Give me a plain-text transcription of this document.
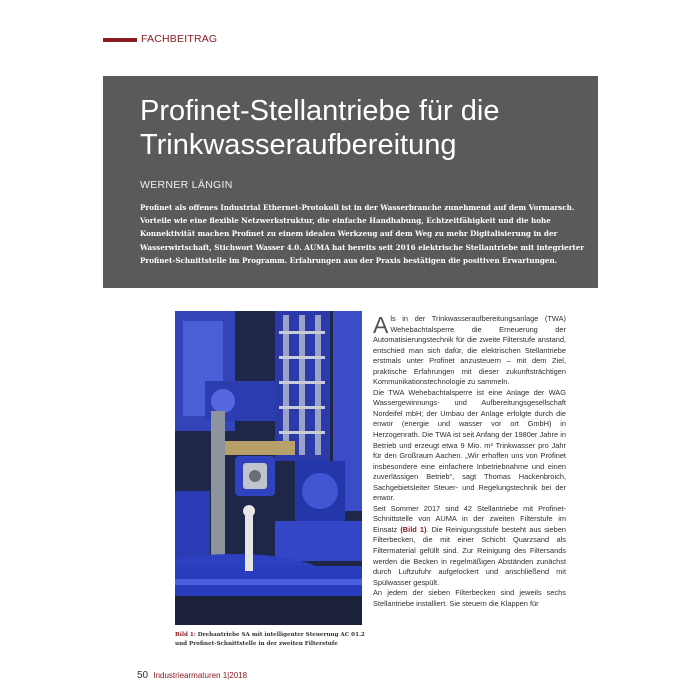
FACHBEITRAG
Profinet-Stellantriebe für die Trinkwasseraufbereitung
WERNER LÄNGIN

Profinet als offenes Industrial Ethernet-Protokoll ist in der Wasserbranche zunehmend auf dem Vormarsch. Vorteile wie eine flexible Netzwerkstruktur, die einfache Handhabung, Echtzeitfähigkeit und die hohe Konnektivität machen Profinet zu einem idealen Werkzeug auf dem Weg zu mehr Digitalisierung in der Wasserwirtschaft, Stichwort Wasser 4.0. AUMA hat bereits seit 2016 elektrische Stellantriebe mit integrierter Profinet-Schnittstelle im Programm. Erfahrungen aus der Praxis bestätigen die positiven Erwartungen.

Bild 1: Drehantriebe SA mit intelligenter Steuerung AC 01.2 und Profinet-Schnittstelle in der zweiten Filterstufe

Als in der Trinkwasseraufbereitungsanlage (TWA) Wehebachtalsperre die Erneuerung der Automatisierungstechnik für die zweite Filterstufe anstand, entschied man sich dafür, die elektrischen Stellantriebe erstmals unter Profinet anzusteuern – mit dem Ziel, praktische Erfahrungen mit dieser zukunftsträchtigen Kommunikationstechnologie zu sammeln.

Die TWA Wehebachtalsperre ist eine Anlage der WAG Wassergewinnungs- und Aufbereitungsgesellschaft Nordeifel mbH; der Umbau der Anlage erfolgte durch die enwor (energie und wasser vor ort GmbH) in Herzogenrath. Die TWA ist seit Anfang der 1980er Jahre in Betrieb und erzeugt etwa 9 Mio. m³ Trinkwasser pro Jahr für den Großraum Aachen. „Wir erhoffen uns von Profinet insbesondere eine einfachere Inbetriebnahme und einen zuverlässigen Betrieb“, sagt Thomas Hackenbroich, Sachgebietsleiter Steuer- und Regelungstechnik bei der enwor.

Seit Sommer 2017 sind 42 Stellantriebe mit Profinet-Schnittstelle von AUMA in der zweiten Filterstufe im Einsatz (Bild 1). Die Reinigungsstufe besteht aus sieben Filterbecken, die mit einer Schicht Quarzsand als Filtermaterial gefüllt sind. Zur Reinigung des Filtersands werden die Becken in regelmäßigen Abständen zunächst durch Luftzufuhr aufgelockert und anschließend mit Spülwasser gespült.

An jedem der sieben Filterbecken sind jeweils sechs Stellantriebe installiert. Sie steuern die Klappen für

50 Industriearmaturen 1|2018
